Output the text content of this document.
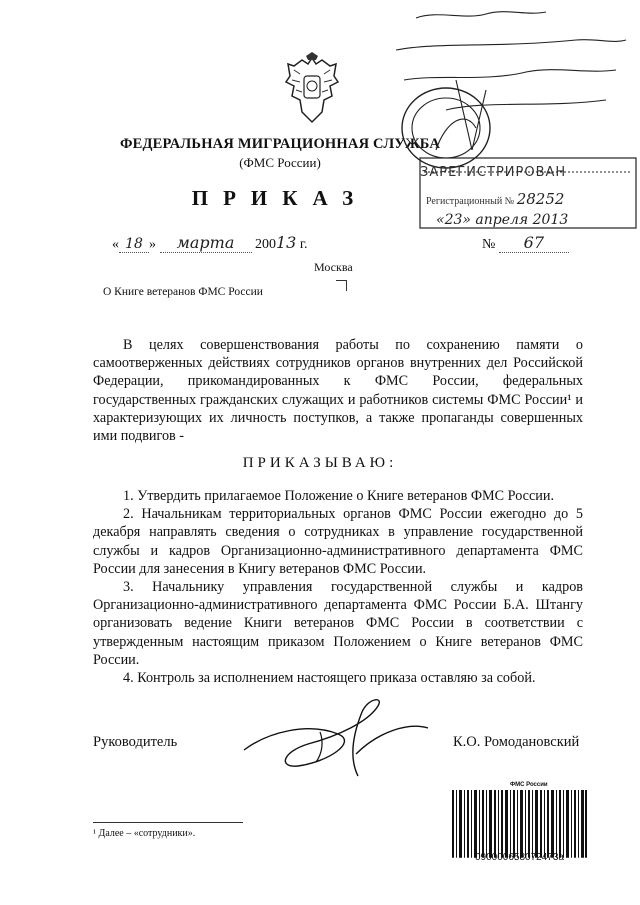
ФЕДЕРАЛЬНАЯ МИГРАЦИОННАЯ СЛУЖБА
(ФМС России)
ПРИКАЗ
« 18 » марта 20013 г.	№ 67
Москва
О Книге ветеранов ФМС России
В целях совершенствования работы по сохранению памяти о самоотверженных действиях сотрудников органов внутренних дел Российской Федерации, прикомандированных к ФМС России, федеральных государственных гражданских служащих и работников системы ФМС России¹ и характеризующих их личность поступков, а также пропаганды совершенных ими подвигов -
ПРИКАЗЫВАЮ:

1. Утвердить прилагаемое Положение о Книге ветеранов ФМС России.

2. Начальникам территориальных органов ФМС России ежегодно до 5 декабря направлять сведения о сотрудниках в управление государственной службы и кадров Организационно-административного департамента ФМС России для занесения в Книгу ветеранов ФМС России.

3. Начальнику управления государственной службы и кадров Организационно-административного департамента ФМС России Б.А. Штангу организовать ведение Книги ветеранов ФМС России в соответствии с утвержденным настоящим приказом Положением о Книге ветеранов ФМС России.

4. Контроль за исполнением настоящего приказа оставляю за собой.

Руководитель	К.О. Ромодановский
¹ Далее – «сотрудники».
ФМС России
090000658072473а
ЗАРЕГИСТРИРОВАН
Регистрационный № 28252
«23» апреля 2013
